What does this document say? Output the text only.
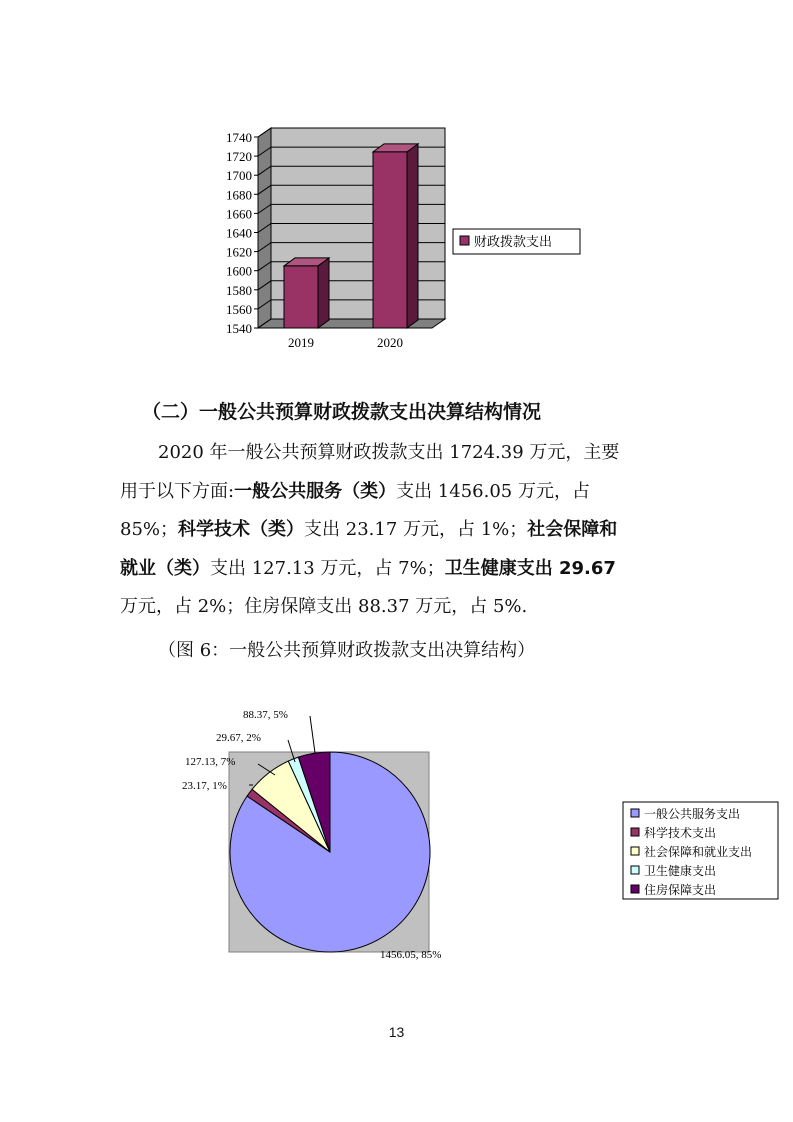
1540
1560
1580
1600
1620
1640
1660
1680
1700
1720
1740
2019	2020
财政拨款支出
（二）一般公共预算财政拨款支出决算结构情况
2020 年一般公共预算财政拨款支出 1724.39 万元，主要
用于以下方面:一般公共服务（类）支出 1456.05 万元，占
85%；科学技术（类）支出 23.17 万元，占 1%；社会保障和
就业（类）支出 127.13 万元，占 7%；卫生健康支出 29.67
万元，占 2%；住房保障支出 88.37 万元，占 5%.
（图 6：一般公共预算财政拨款支出决算结构）
1456.05, 85%
23.17, 1%
127.13, 7%
29.67, 2%
88.37, 5%
一般公共服务支出
科学技术支出
社会保障和就业支出
卫生健康支出
住房保障支出
13
